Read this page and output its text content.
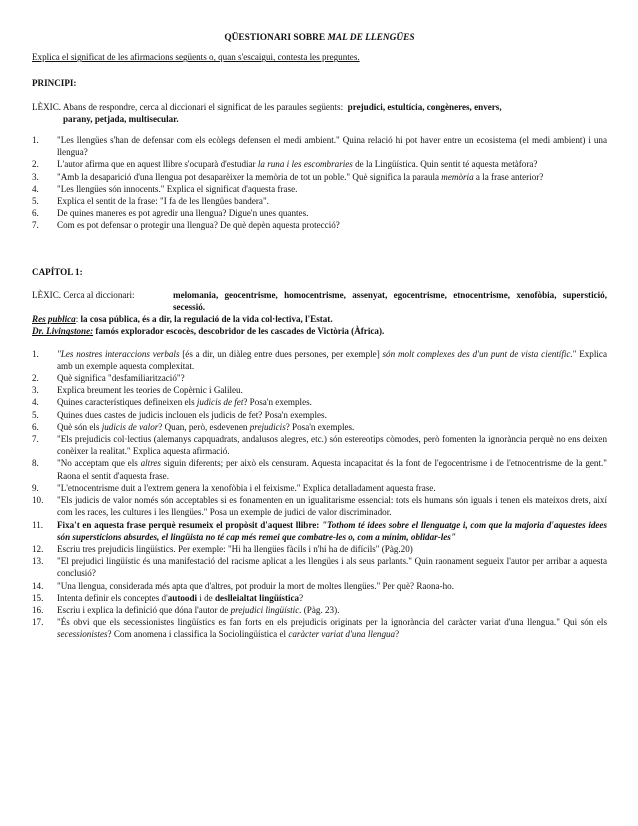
QÜESTIONARI SOBRE MAL DE LLENGÜES
Explica el significat de les afirmacions següents o, quan s'escaigui, contesta les preguntes.
PRINCIPI:
LÈXIC. Abans de respondre, cerca al diccionari el significat de les paraules següents: prejudici, estultícia, congèneres, envers,
parany, petjada, multisecular.
1.	"Les llengües s'han de defensar com els ecòlegs defensen el medi ambient." Quina relació hi pot haver entre un ecosistema (el medi ambient) i una llengua?
2.	L'autor afirma que en aquest llibre s'ocuparà d'estudiar la runa i les escombraries de la Lingüística. Quin sentit té aquesta metàfora?
3.	"Amb la desaparició d'una llengua pot desaparèixer la memòria de tot un poble." Què significa la paraula memòria a la frase anterior?
4.	"Les llengües són innocents." Explica el significat d'aquesta frase.
5.	Explica el sentit de la frase: "I fa de les llengües bandera".
6.	De quines maneres es pot agredir una llengua? Digue'n unes quantes.
7.	Com es pot defensar o protegir una llengua? De què depèn aquesta protecció?
CAPÍTOL 1:
LÈXIC. Cerca al diccionari:	melomania, geocentrisme, homocentrisme, assenyat, egocentrisme, etnocentrisme, xenofòbia, superstició, secessió.
Res publica: la cosa pública, és a dir, la regulació de la vida col·lectiva, l'Estat.
Dr. Livingstone: famós explorador escocès, descobridor de les cascades de Victòria (Àfrica).
1.	"Les nostres interaccions verbals [és a dir, un diàleg entre dues persones, per exemple] són molt complexes des d'un punt de vista científic." Explica amb un exemple aquesta complexitat.
2.	Què significa "desfamiliarització"?
3.	Explica breument les teories de Copèrnic i Galileu.
4.	Quines característiques defineixen els judicis de fet? Posa'n exemples.
5.	Quines dues castes de judicis inclouen els judicis de fet? Posa'n exemples.
6.	Què són els judicis de valor? Quan, però, esdevenen prejudicis? Posa'n exemples.
7.	"Els prejudicis col·lectius (alemanys capquadrats, andalusos alegres, etc.) són estereotips còmodes, però fomenten la ignorància perquè no ens deixen conèixer la realitat." Explica aquesta afirmació.
8.	"No acceptam que els altres siguin diferents; per això els censuram. Aquesta incapacitat és la font de l'egocentrisme i de l'etnocentrisme de la gent." Raona el sentit d'aquesta frase.
9.	"L'etnocentrisme duit a l'extrem genera la xenofòbia i el feixisme." Explica detalladament aquesta frase.
10.	"Els judicis de valor només són acceptables si es fonamenten en un igualitarisme essencial: tots els humans són iguals i tenen els mateixos drets, així com les races, les cultures i les llengües." Posa un exemple de judici de valor discriminador.
11.	Fixa't en aquesta frase perquè resumeix el propòsit d'aquest llibre: "Tothom té idees sobre el llenguatge i, com que la majoria d'aquestes idees són supersticions absurdes, el lingüista no té cap més remei que combatre-les o, com a mínim, oblidar-les"
12.	Escriu tres prejudicis lingüístics. Per exemple: "Hi ha llengües fàcils i n'hi ha de difícils" (Pàg.20)
13.	"El prejudici lingüístic és una manifestació del racisme aplicat a les llengües i als seus parlants." Quin raonament segueix l'autor per arribar a aquesta conclusió?
14.	"Una llengua, considerada més apta que d'altres, pot produir la mort de moltes llengües." Per què? Raona-ho.
15.	Intenta definir els conceptes d'autoodi i de deslleialtat lingüística?
16.	Escriu i explica la definició que dóna l'autor de prejudici lingüístic. (Pàg. 23).
17.	"És obvi que els secessionistes lingüístics es fan forts en els prejudicis originats per la ignorància del caràcter variat d'una llengua." Qui són els secessionistes? Com anomena i classifica la Sociolingüística el caràcter variat d'una llengua?
